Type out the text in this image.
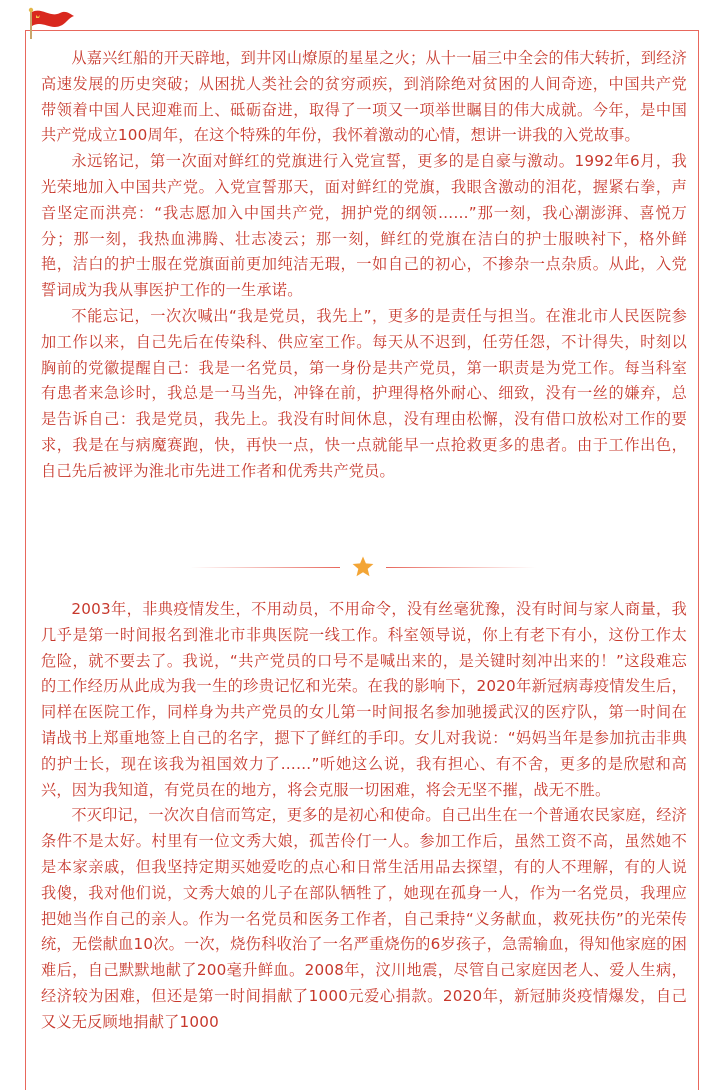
从嘉兴红船的开天辟地，到井冈山燎原的星星之火；从十一届三中全会的伟大转折，到经济高速发展的历史突破；从困扰人类社会的贫穷顽疾，到消除绝对贫困的人间奇迹，中国共产党带领着中国人民迎难而上、砥砺奋进，取得了一项又一项举世瞩目的伟大成就。今年，是中国共产党成立100周年，在这个特殊的年份，我怀着激动的心情，想讲一讲我的入党故事。

永远铭记，第一次面对鲜红的党旗进行入党宣誓，更多的是自豪与激动。1992年6月，我光荣地加入中国共产党。入党宣誓那天，面对鲜红的党旗，我眼含激动的泪花，握紧右拳，声音坚定而洪亮：“我志愿加入中国共产党，拥护党的纲领……”那一刻，我心潮澎湃、喜悦万分；那一刻，我热血沸腾、壮志凌云；那一刻，鲜红的党旗在洁白的护士服映衬下，格外鲜艳，洁白的护士服在党旗面前更加纯洁无瑕，一如自己的初心，不掺杂一点杂质。从此，入党誓词成为我从事医护工作的一生承诺。

不能忘记，一次次喊出“我是党员，我先上”，更多的是责任与担当。在淮北市人民医院参加工作以来，自己先后在传染科、供应室工作。每天从不迟到，任劳任怨，不计得失，时刻以胸前的党徽提醒自己：我是一名党员，第一身份是共产党员，第一职责是为党工作。每当科室有患者来急诊时，我总是一马当先，冲锋在前，护理得格外耐心、细致，没有一丝的嫌弃，总是告诉自己：我是党员，我先上。我没有时间休息，没有理由松懈，没有借口放松对工作的要求，我是在与病魔赛跑，快，再快一点，快一点就能早一点抢救更多的患者。由于工作出色，自己先后被评为淮北市先进工作者和优秀共产党员。

2003年，非典疫情发生，不用动员，不用命令，没有丝毫犹豫，没有时间与家人商量，我几乎是第一时间报名到淮北市非典医院一线工作。科室领导说，你上有老下有小，这份工作太危险，就不要去了。我说，“共产党员的口号不是喊出来的，是关键时刻冲出来的！”这段难忘的工作经历从此成为我一生的珍贵记忆和光荣。在我的影响下，2020年新冠病毒疫情发生后，同样在医院工作，同样身为共产党员的女儿第一时间报名参加驰援武汉的医疗队，第一时间在请战书上郑重地签上自己的名字，摁下了鲜红的手印。女儿对我说：“妈妈当年是参加抗击非典的护士长，现在该我为祖国效力了……”听她这么说，我有担心、有不舍，更多的是欣慰和高兴，因为我知道，有党员在的地方，将会克服一切困难，将会无坚不摧，战无不胜。

不灭印记，一次次自信而笃定，更多的是初心和使命。自己出生在一个普通农民家庭，经济条件不是太好。村里有一位文秀大娘，孤苦伶仃一人。参加工作后，虽然工资不高，虽然她不是本家亲戚，但我坚持定期买她爱吃的点心和日常生活用品去探望，有的人不理解，有的人说我傻，我对他们说，文秀大娘的儿子在部队牺牲了，她现在孤身一人，作为一名党员，我理应把她当作自己的亲人。作为一名党员和医务工作者，自己秉持“义务献血，救死扶伤”的光荣传统，无偿献血10次。一次，烧伤科收治了一名严重烧伤的6岁孩子，急需输血，得知他家庭的困难后，自己默默地献了200毫升鲜血。2008年，汶川地震，尽管自己家庭因老人、爱人生病，经济较为困难，但还是第一时间捐献了1000元爱心捐款。2020年，新冠肺炎疫情爆发，自己又义无反顾地捐献了1000
